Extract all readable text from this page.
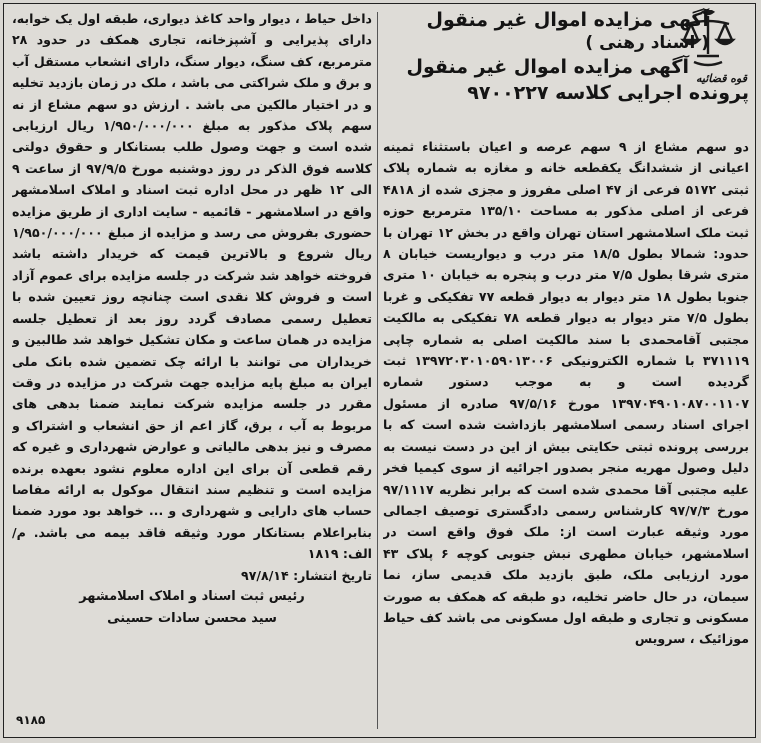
قوه قضائیه
آگهی مزایده اموال غیر منقول
( اسناد رهنی )
آگهی مزایده اموال غیر منقول
پرونده اجرایی کلاسه ۹۷۰۰۲۲۷

دو سهم مشاع از ۹ سهم عرصه و اعیان باستثناء ثمینه اعیانی از ششدانگ یکقطعه خانه و مغازه به شماره پلاک ثبتی ۵۱۷۲ فرعی از ۴۷ اصلی مفروز و مجزی شده از ۴۸۱۸ فرعی از اصلی مذکور به مساحت ۱۳۵/۱۰ مترمربع حوزه ثبت ملک اسلامشهر استان تهران واقع در بخش ۱۲ تهران با حدود: شمالا بطول ۱۸/۵ متر درب و دیواریست خیابان ۸ متری شرقا بطول ۷/۵ متر درب و پنجره به خیابان ۱۰ متری جنوبا بطول ۱۸ متر دیوار به دیوار قطعه ۷۷ تفکیکی و غربا بطول ۷/۵ متر دیوار به دیوار قطعه ۷۸ تفکیکی به مالکیت مجتبی آقامحمدی با سند مالکیت اصلی به شماره چاپی ۳۷۱۱۱۹ با شماره الکترونیکی ۱۳۹۷۲۰۳۰۱۰۵۹۰۱۳۰۰۶ ثبت گردیده است و به موجب دستور شماره ۱۳۹۷۰۴۹۰۱۰۸۷۰۰۱۱۰۷ مورخ ۹۷/۵/۱۶ صادره از مسئول اجرای اسناد رسمی اسلامشهر بازداشت شده است که با بررسی پرونده ثبتی حکایتی بیش از این در دست نیست به دلیل وصول مهریه منجر بصدور اجرائیه از سوی کیمیا فخر علیه مجتبی آقا محمدی شده است که برابر نظریه ۹۷/۱۱۱۷ مورخ ۹۷/۷/۳ کارشناس رسمی دادگستری توصیف اجمالی مورد وثیقه عبارت است از: ملک فوق واقع است در اسلامشهر، خیابان مطهری نبش جنوبی کوچه ۶ پلاک ۴۳ مورد ارزیابی ملک، طبق بازدید ملک قدیمی ساز، نما سیمان، در حال حاضر تخلیه، دو طبقه که همکف به صورت مسکونی و تجاری و طبقه اول مسکونی می باشد کف حیاط موزائیک ، سرویس

داخل حیاط ، دیوار واحد کاغذ دیواری، طبقه اول یک خوابه، دارای پذیرایی و آشپزخانه، تجاری همکف در حدود ۲۸ مترمربع، کف سنگ، دیوار سنگ، دارای انشعاب مستقل آب و برق و ملک شراکتی می باشد ، ملک در زمان بازدید تخلیه و در اختیار مالکین می باشد . ارزش دو سهم مشاع از نه سهم پلاک مذکور به مبلغ ۱/۹۵۰/۰۰۰/۰۰۰ ریال ارزیابی شده است و جهت وصول طلب بستانکار و حقوق دولتی کلاسه فوق الذکر در روز دوشنبه مورخ ۹۷/۹/۵ از ساعت ۹ الی ۱۲ ظهر در محل اداره ثبت اسناد و املاک اسلامشهر واقع در اسلامشهر - قائمیه - سایت اداری از طریق مزایده حضوری بفروش می رسد و مزایده از مبلغ ۱/۹۵۰/۰۰۰/۰۰۰ ریال شروع و بالاترین قیمت که خریدار داشته باشد فروخته خواهد شد شرکت در جلسه مزایده برای عموم آزاد است و فروش کلا نقدی است چنانچه روز تعیین شده با تعطیل رسمی مصادف گردد روز بعد از تعطیل جلسه مزایده در همان ساعت و مکان تشکیل خواهد شد طالبین و خریداران می توانند با ارائه چک تضمین شده بانک ملی ایران به مبلغ پایه مزایده جهت شرکت در مزایده در وقت مقرر در جلسه مزایده شرکت نمایند ضمنا بدهی های مربوط به آب ، برق، گاز اعم از حق انشعاب و اشتراک و مصرف و نیز بدهی مالیاتی و عوارض شهرداری و غیره که رقم قطعی آن برای این اداره معلوم نشود بعهده برنده مزایده است و تنظیم سند انتقال موکول به ارائه مفاصا حساب های دارایی و شهرداری و ... خواهد بود مورد ضمنا بنابراعلام بستانکار مورد وثیقه فاقد بیمه می باشد. م/الف: ۱۸۱۹

تاریخ انتشار: ۹۷/۸/۱۴
رئیس ثبت اسناد و املاک اسلامشهر
سید محسن سادات حسینی
۹۱۸۵
